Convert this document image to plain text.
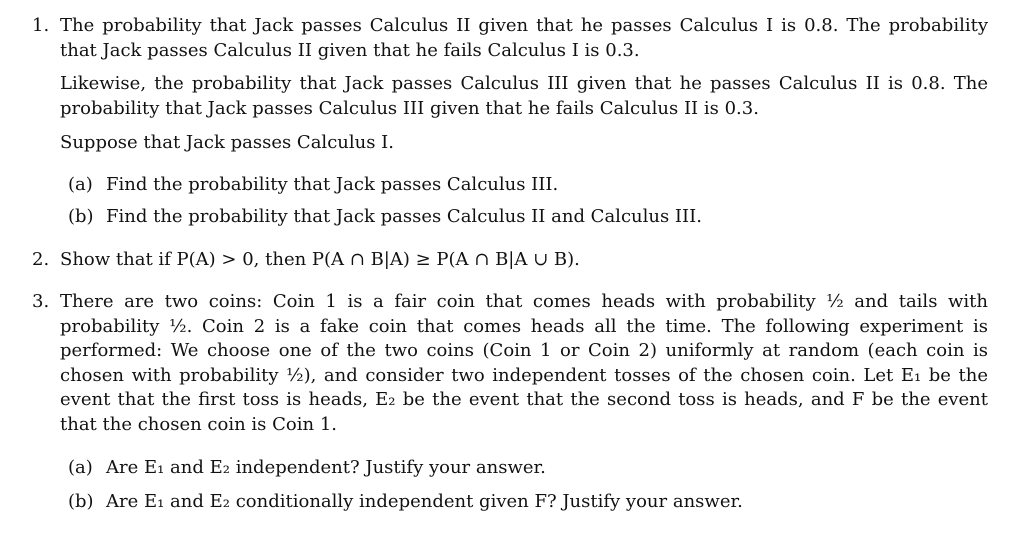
1. The probability that Jack passes Calculus II given that he passes Calculus I is 0.8. The probability that Jack passes Calculus II given that he fails Calculus I is 0.3.
Likewise, the probability that Jack passes Calculus III given that he passes Calculus II is 0.8. The probability that Jack passes Calculus III given that he fails Calculus II is 0.3.
Suppose that Jack passes Calculus I.
(a) Find the probability that Jack passes Calculus III.
(b) Find the probability that Jack passes Calculus II and Calculus III.
2. Show that if P(A) > 0, then P(A ∩ B|A) ≥ P(A ∩ B|A ∪ B).
3. There are two coins: Coin 1 is a fair coin that comes heads with probability ½ and tails with probability ½. Coin 2 is a fake coin that comes heads all the time. The following experiment is performed: We choose one of the two coins (Coin 1 or Coin 2) uniformly at random (each coin is chosen with probability ½), and consider two independent tosses of the chosen coin. Let E₁ be the event that the first toss is heads, E₂ be the event that the second toss is heads, and F be the event that the chosen coin is Coin 1.
(a) Are E₁ and E₂ independent? Justify your answer.
(b) Are E₁ and E₂ conditionally independent given F? Justify your answer.
